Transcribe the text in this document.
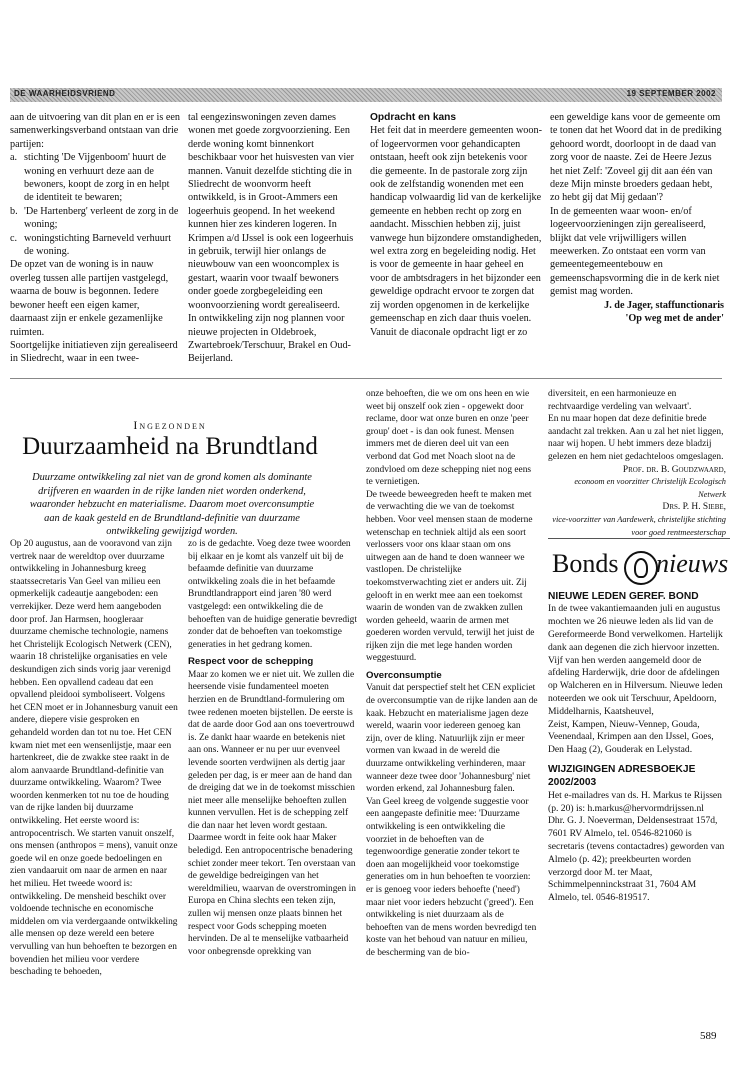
DE WAARHEIDSVRIEND	19 SEPTEMBER 2002

aan de uitvoering van dit plan en er is een samenwerkingsverband ontstaan van drie partijen:

a. stichting 'De Vijgenboom' huurt de woning en verhuurt deze aan de bewoners, koopt de zorg in en helpt de identiteit te bewaren;
b. 'De Hartenberg' verleent de zorg in de woning;
c. woningstichting Barneveld verhuurt de woning.

De opzet van de woning is in nauw overleg tussen alle partijen vastgelegd, waarna de bouw is begonnen. Iedere bewoner heeft een eigen kamer, daarnaast zijn er enkele gezamenlijke ruimten.

Soortgelijke initiatieven zijn gerealiseerd in Sliedrecht, waar in een twee-

tal eengezinswoningen zeven dames wonen met goede zorgvoorziening. Een derde woning komt binnenkort beschikbaar voor het huisvesten van vier mannen. Vanuit dezelfde stichting die in Sliedrecht de woonvorm heeft ontwikkeld, is in Groot-Ammers een logeerhuis geopend. In het weekend kunnen hier zes kinderen logeren. In Krimpen a/d IJssel is ook een logeerhuis in gebruik, terwijl hier onlangs de nieuwbouw van een wooncomplex is gestart, waarin voor twaalf bewoners onder goede zorgbegeleiding een woonvoorziening wordt gerealiseerd.

In ontwikkeling zijn nog plannen voor nieuwe projecten in Oldebroek, Zwartebroek/Terschuur, Brakel en Oud-Beijerland.

Opdracht en kans

Het feit dat in meerdere gemeenten woon- of logeervormen voor gehandicapten ontstaan, heeft ook zijn betekenis voor die gemeente. In de pastorale zorg zijn ook de zelfstandig wonenden met een handicap volwaardig lid van de kerkelijke gemeente en hebben recht op zorg en aandacht. Misschien hebben zij, juist vanwege hun bijzondere omstandigheden, wel extra zorg en begeleiding nodig. Het is voor de gemeente in haar geheel en voor de ambtsdragers in het bijzonder een geweldige opdracht ervoor te zorgen dat zij worden opgenomen in de kerkelijke gemeenschap en zich daar thuis voelen.

Vanuit de diaconale opdracht ligt er zo

een geweldige kans voor de gemeente om te tonen dat het Woord dat in de prediking gehoord wordt, doorloopt in de daad van zorg voor de naaste. Zei de Heere Jezus het niet Zelf: 'Zoveel gij dit aan één van deze Mijn minste broeders gedaan hebt, zo hebt gij dat Mij gedaan'?

In de gemeenten waar woon- en/of logeervoorzieningen zijn gerealiseerd, blijkt dat vele vrijwilligers willen meewerken. Zo ontstaat een vorm van gemeentegemeentebouw en gemeenschapsvorming die in de kerk niet gemist mag worden.

J. de Jager, staffunctionaris

'Op weg met de ander'

Ingezonden
Duurzaamheid na Brundtland
Duurzame ontwikkeling zal niet van de grond komen als dominante drijfveren en waarden in de rijke landen niet worden onderkend, waaronder hebzucht en materialisme. Daarom moet overconsumptie aan de kaak gesteld en de Brundtland-definitie van duurzame ontwikkeling gewijzigd worden.

Op 20 augustus, aan de vooravond van zijn vertrek naar de wereldtop over duurzame ontwikkeling in Johannesburg kreeg staatssecretaris Van Geel van milieu een opmerkelijk cadeautje aangeboden: een verrekijker. Deze werd hem aangeboden door prof. Jan Harmsen, hoogleraar duurzame chemische technologie, namens het Christelijk Ecologisch Netwerk (CEN), waarin 18 christelijke organisaties en vele deskundigen zich sinds vorig jaar verenigd hebben. Een opvallend cadeau dat een opvallend pleidooi symboliseert. Volgens het CEN moet er in Johannesburg vanuit een andere, diepere visie gesproken en gehandeld worden dan tot nu toe. Het CEN kwam niet met een wensenlijstje, maar een hartenkreet, die de zwakke stee raakt in de alom aanvaarde Brundtland-definitie van duurzame ontwikkeling. Waarom? Twee woorden kenmerken tot nu toe de houding van de rijke landen bij duurzame ontwikkeling. Het eerste woord is: antropocentrisch. We starten vanuit onszelf, ons mensen (anthropos = mens), vanuit onze goede wil en onze goede bedoelingen en zien vandaaruit om naar de armen en naar het milieu. Het tweede woord is: ontwikkeling. De mensheid beschikt over voldoende technische en economische middelen om via verdergaande ontwikkeling alle mensen op deze wereld een betere vervulling van hun behoeften te bezorgen en bovendien het milieu voor verdere beschading te behoeden,

zo is de gedachte. Voeg deze twee woorden bij elkaar en je komt als vanzelf uit bij de befaamde definitie van duurzame ontwikkeling zoals die in het befaamde Brundtlandrapport eind jaren '80 werd vastgelegd: een ontwikkeling die de behoeften van de huidige generatie bevredigt zonder dat de behoeften van toekomstige generaties in het gedrang komen.

Respect voor de schepping

Maar zo komen we er niet uit. We zullen die heersende visie fundamenteel moeten herzien en de Brundtland-formulering om twee redenen moeten bijstellen. De eerste is dat de aarde door God aan ons toevertrouwd is. Ze dankt haar waarde en betekenis niet aan ons. Wanneer er nu per uur evenveel levende soorten verdwijnen als dertig jaar geleden per dag, is er meer aan de hand dan de dreiging dat we in de toekomst misschien niet meer alle menselijke behoeften zullen kunnen vervullen. Het is de schepping zelf die dan naar het leven wordt gestaan. Daarmee wordt in feite ook haar Maker beledigd. Een antropocentrische benadering schiet zonder meer tekort. Ten overstaan van de geweldige bedreigingen van het wereldmilieu, waarvan de overstromingen in Europa en China slechts een teken zijn, zullen wij mensen onze plaats binnen het respect voor Gods schepping moeten hervinden. De al te menselijke vatbaarheid voor onbegrensde oprekking van

onze behoeften, die we om ons heen en wie weet bij onszelf ook zien - opgewekt door reclame, door wat onze buren en onze 'peer group' doet - is dan ook funest. Mensen immers met de dieren deel uit van een verbond dat God met Noach sloot na de zondvloed om deze schepping niet nog eens te vernietigen.

De tweede beweegreden heeft te maken met de verwachting die we van de toekomst hebben. Voor veel mensen staan de moderne wetenschap en techniek altijd als een soort verlossers voor ons klaar staan om ons uitwegen aan de hand te doen wanneer we vastlopen. De christelijke toekomstverwachting ziet er anders uit. Zij gelooft in en werkt mee aan een toekomst waarin de wonden van de zwakken zullen worden geheeld, waarin de armen met goederen worden vervuld, terwijl het juist de rijken zijn die met lege handen worden weggestuurd.

Overconsumptie

Vanuit dat perspectief stelt het CEN expliciet de overconsumptie van de rijke landen aan de kaak. Hebzucht en materialisme jagen deze wereld, waarin voor iedereen genoeg kan zijn, over de kling. Natuurlijk zijn er meer vormen van kwaad in de wereld die duurzame ontwikkeling verhinderen, maar wanneer deze twee door 'Johannesburg' niet worden erkend, zal Johannesburg falen.

Van Geel kreeg de volgende suggestie voor een aangepaste definitie mee: 'Duurzame ontwikkeling is een ontwikkeling die voorziet in de behoeften van de tegenwoordige generatie zonder tekort te doen aan mogelijkheid voor toekomstige generaties om in hun behoeften te voorzien: er is genoeg voor ieders behoefte ('need') maar niet voor ieders hebzucht ('greed'). Een ontwikkeling is niet duurzaam als de behoeften van de mens worden bevredigd ten koste van het behoud van natuur en milieu, de bescherming van de bio-

diversiteit, en een harmonieuze en rechtvaardige verdeling van welvaart'.

En nu maar hopen dat deze definitie brede aandacht zal trekken. Aan u zal het niet liggen, naar wij hopen. U hebt immers deze bladzij gelezen en hem niet gedachteloos omgeslagen.

Prof. dr. B. Goudzwaard,

econoom en voorzitter Christelijk Ecologisch Netwerk

Drs. P. H. Siebe,

vice-voorzitter van Aardewerk, christelijke stichting voor goed rentmeesterschap

Bonds nieuws
NIEUWE LEDEN GEREF. BOND

In de twee vakantiemaanden juli en augustus mochten we 26 nieuwe leden als lid van de Gereformeerde Bond verwelkomen. Hartelijk dank aan degenen die zich hiervoor inzetten. Vijf van hen werden aangemeld door de afdeling Harderwijk, drie door de afdelingen op Walcheren en in Hilversum. Nieuwe leden noteerden we ook uit Terschuur, Apeldoorn, Middelharnis, Kaatsheuvel,

Zeist, Kampen, Nieuw-Vennep, Gouda, Veenendaal, Krimpen aan den IJssel, Goes, Den Haag (2), Gouderak en Lelystad.

WIJZIGINGEN ADRESBOEKJE 2002/2003

Het e-mailadres van ds. H. Markus te Rijssen (p. 20) is: h.markus@hervormdrijssen.nl

Dhr. G. J. Noeverman, Deldensestraat 157d, 7601 RV Almelo, tel. 0546-821060 is secretaris (tevens contactadres) geworden van Almelo (p. 42); preekbeurten worden verzorgd door M. ter Maat, Schimmelpenninckstraat 31, 7604 AM Almelo, tel. 0546-819517.

589
